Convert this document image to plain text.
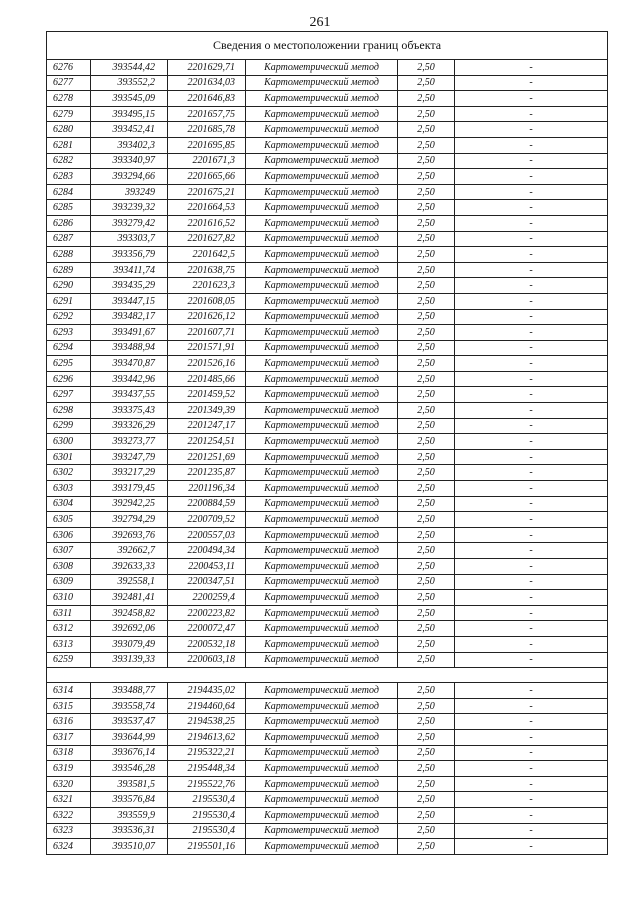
261
Сведения о местоположении границ объекта					
6276	393544,42	2201629,71	Картометрический метод	2,50	-
6277	393552,2	2201634,03	Картометрический метод	2,50	-
6278	393545,09	2201646,83	Картометрический метод	2,50	-
6279	393495,15	2201657,75	Картометрический метод	2,50	-
6280	393452,41	2201685,78	Картометрический метод	2,50	-
6281	393402,3	2201695,85	Картометрический метод	2,50	-
6282	393340,97	2201671,3	Картометрический метод	2,50	-
6283	393294,66	2201665,66	Картометрический метод	2,50	-
6284	393249	2201675,21	Картометрический метод	2,50	-
6285	393239,32	2201664,53	Картометрический метод	2,50	-
6286	393279,42	2201616,52	Картометрический метод	2,50	-
6287	393303,7	2201627,82	Картометрический метод	2,50	-
6288	393356,79	2201642,5	Картометрический метод	2,50	-
6289	393411,74	2201638,75	Картометрический метод	2,50	-
6290	393435,29	2201623,3	Картометрический метод	2,50	-
6291	393447,15	2201608,05	Картометрический метод	2,50	-
6292	393482,17	2201626,12	Картометрический метод	2,50	-
6293	393491,67	2201607,71	Картометрический метод	2,50	-
6294	393488,94	2201571,91	Картометрический метод	2,50	-
6295	393470,87	2201526,16	Картометрический метод	2,50	-
6296	393442,96	2201485,66	Картометрический метод	2,50	-
6297	393437,55	2201459,52	Картометрический метод	2,50	-
6298	393375,43	2201349,39	Картометрический метод	2,50	-
6299	393326,29	2201247,17	Картометрический метод	2,50	-
6300	393273,77	2201254,51	Картометрический метод	2,50	-
6301	393247,79	2201251,69	Картометрический метод	2,50	-
6302	393217,29	2201235,87	Картометрический метод	2,50	-
6303	393179,45	2201196,34	Картометрический метод	2,50	-
6304	392942,25	2200884,59	Картометрический метод	2,50	-
6305	392794,29	2200709,52	Картометрический метод	2,50	-
6306	392693,76	2200557,03	Картометрический метод	2,50	-
6307	392662,7	2200494,34	Картометрический метод	2,50	-
6308	392633,33	2200453,11	Картометрический метод	2,50	-
6309	392558,1	2200347,51	Картометрический метод	2,50	-
6310	392481,41	2200259,4	Картометрический метод	2,50	-
6311	392458,82	2200223,82	Картометрический метод	2,50	-
6312	392692,06	2200072,47	Картометрический метод	2,50	-
6313	393079,49	2200532,18	Картометрический метод	2,50	-
6259	393139,33	2200603,18	Картометрический метод	2,50	-

6314	393488,77	2194435,02	Картометрический метод	2,50	-
6315	393558,74	2194460,64	Картометрический метод	2,50	-
6316	393537,47	2194538,25	Картометрический метод	2,50	-
6317	393644,99	2194613,62	Картометрический метод	2,50	-
6318	393676,14	2195322,21	Картометрический метод	2,50	-
6319	393546,28	2195448,34	Картометрический метод	2,50	-
6320	393581,5	2195522,76	Картометрический метод	2,50	-
6321	393576,84	2195530,4	Картометрический метод	2,50	-
6322	393559,9	2195530,4	Картометрический метод	2,50	-
6323	393536,31	2195530,4	Картометрический метод	2,50	-
6324	393510,07	2195501,16	Картометрический метод	2,50	-
